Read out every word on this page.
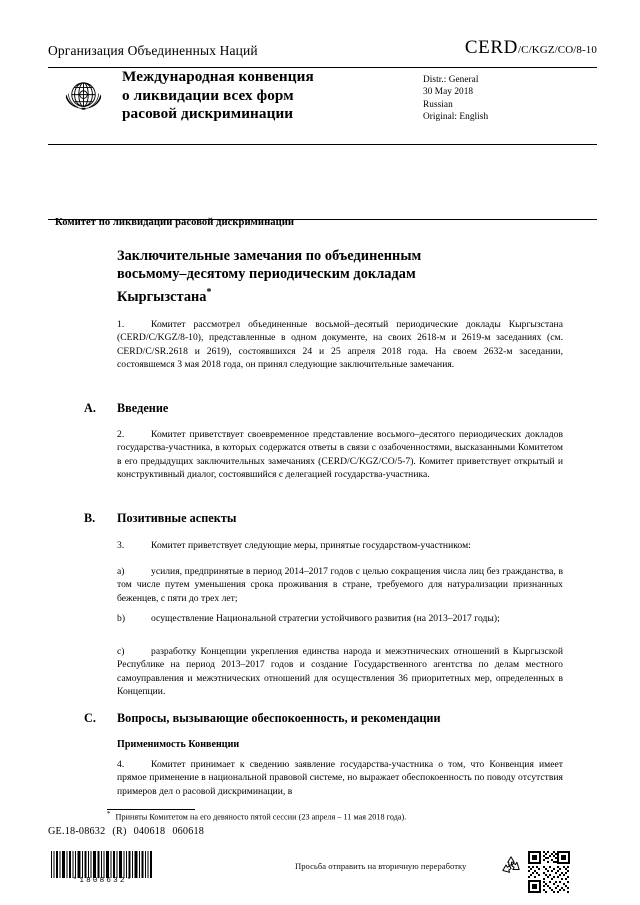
Организация Объединенных Наций	CERD /C/KGZ/CO/8-10
Международная конвенция
о ликвидации всех форм
расовой дискриминации
Distr.: General
30 May 2018
Russian
Original: English
Комитет по ликвидации расовой дискриминации
Заключительные замечания по объединенным
восьмому–десятому периодическим докладам
Кыргызстана*
1.	Комитет рассмотрел объединенные восьмой–десятый периодические доклады Кыргызстана (CERD/C/KGZ/8-10), представленные в одном документе, на своих 2618-м и 2619-м заседаниях (см. CERD/C/SR.2618 и 2619), состоявшихся 24 и 25 апреля 2018 года. На своем 2632-м заседании, состоявшемся 3 мая 2018 года, он принял следующие заключительные замечания.
A. Введение
2.	Комитет приветствует своевременное представление восьмого–десятого периодических докладов государства-участника, в которых содержатся ответы в связи с озабоченностями, высказанными Комитетом в его предыдущих заключительных замечаниях (CERD/C/KGZ/CO/5-7). Комитет приветствует открытый и конструктивный диалог, состоявшийся с делегацией государства-участника.
B. Позитивные аспекты
3.	Комитет приветствует следующие меры, принятые государством-участником:
a)	усилия, предпринятые в период 2014–2017 годов с целью сокращения числа лиц без гражданства, в том числе путем уменьшения срока проживания в стране, требуемого для натурализации признанных беженцев, с пяти до трех лет;
b)	осуществление Национальной стратегии устойчивого развития (на 2013–2017 годы);
c)	разработку Концепции укрепления единства народа и межэтнических отношений в Кыргызской Республике на период 2013–2017 годов и создание Государственного агентства по делам местного самоуправления и межэтнических отношений для осуществления 36 приоритетных мер, определенных в Концепции.
C. Вопросы, вызывающие обеспокоенность, и рекомендации
Применимость Конвенции
4.	Комитет принимает к сведению заявление государства-участника о том, что Конвенция имеет прямое применение в национальной правовой системе, но выражает обеспокоенность по поводу отсутствия примеров дел о расовой дискриминации, в
* Приняты Комитетом на его девяносто пятой сессии (23 апреля – 11 мая 2018 года).
GE.18-08632 (R) 040618 060618
*1808632*
Просьба отправить на вторичную переработку
